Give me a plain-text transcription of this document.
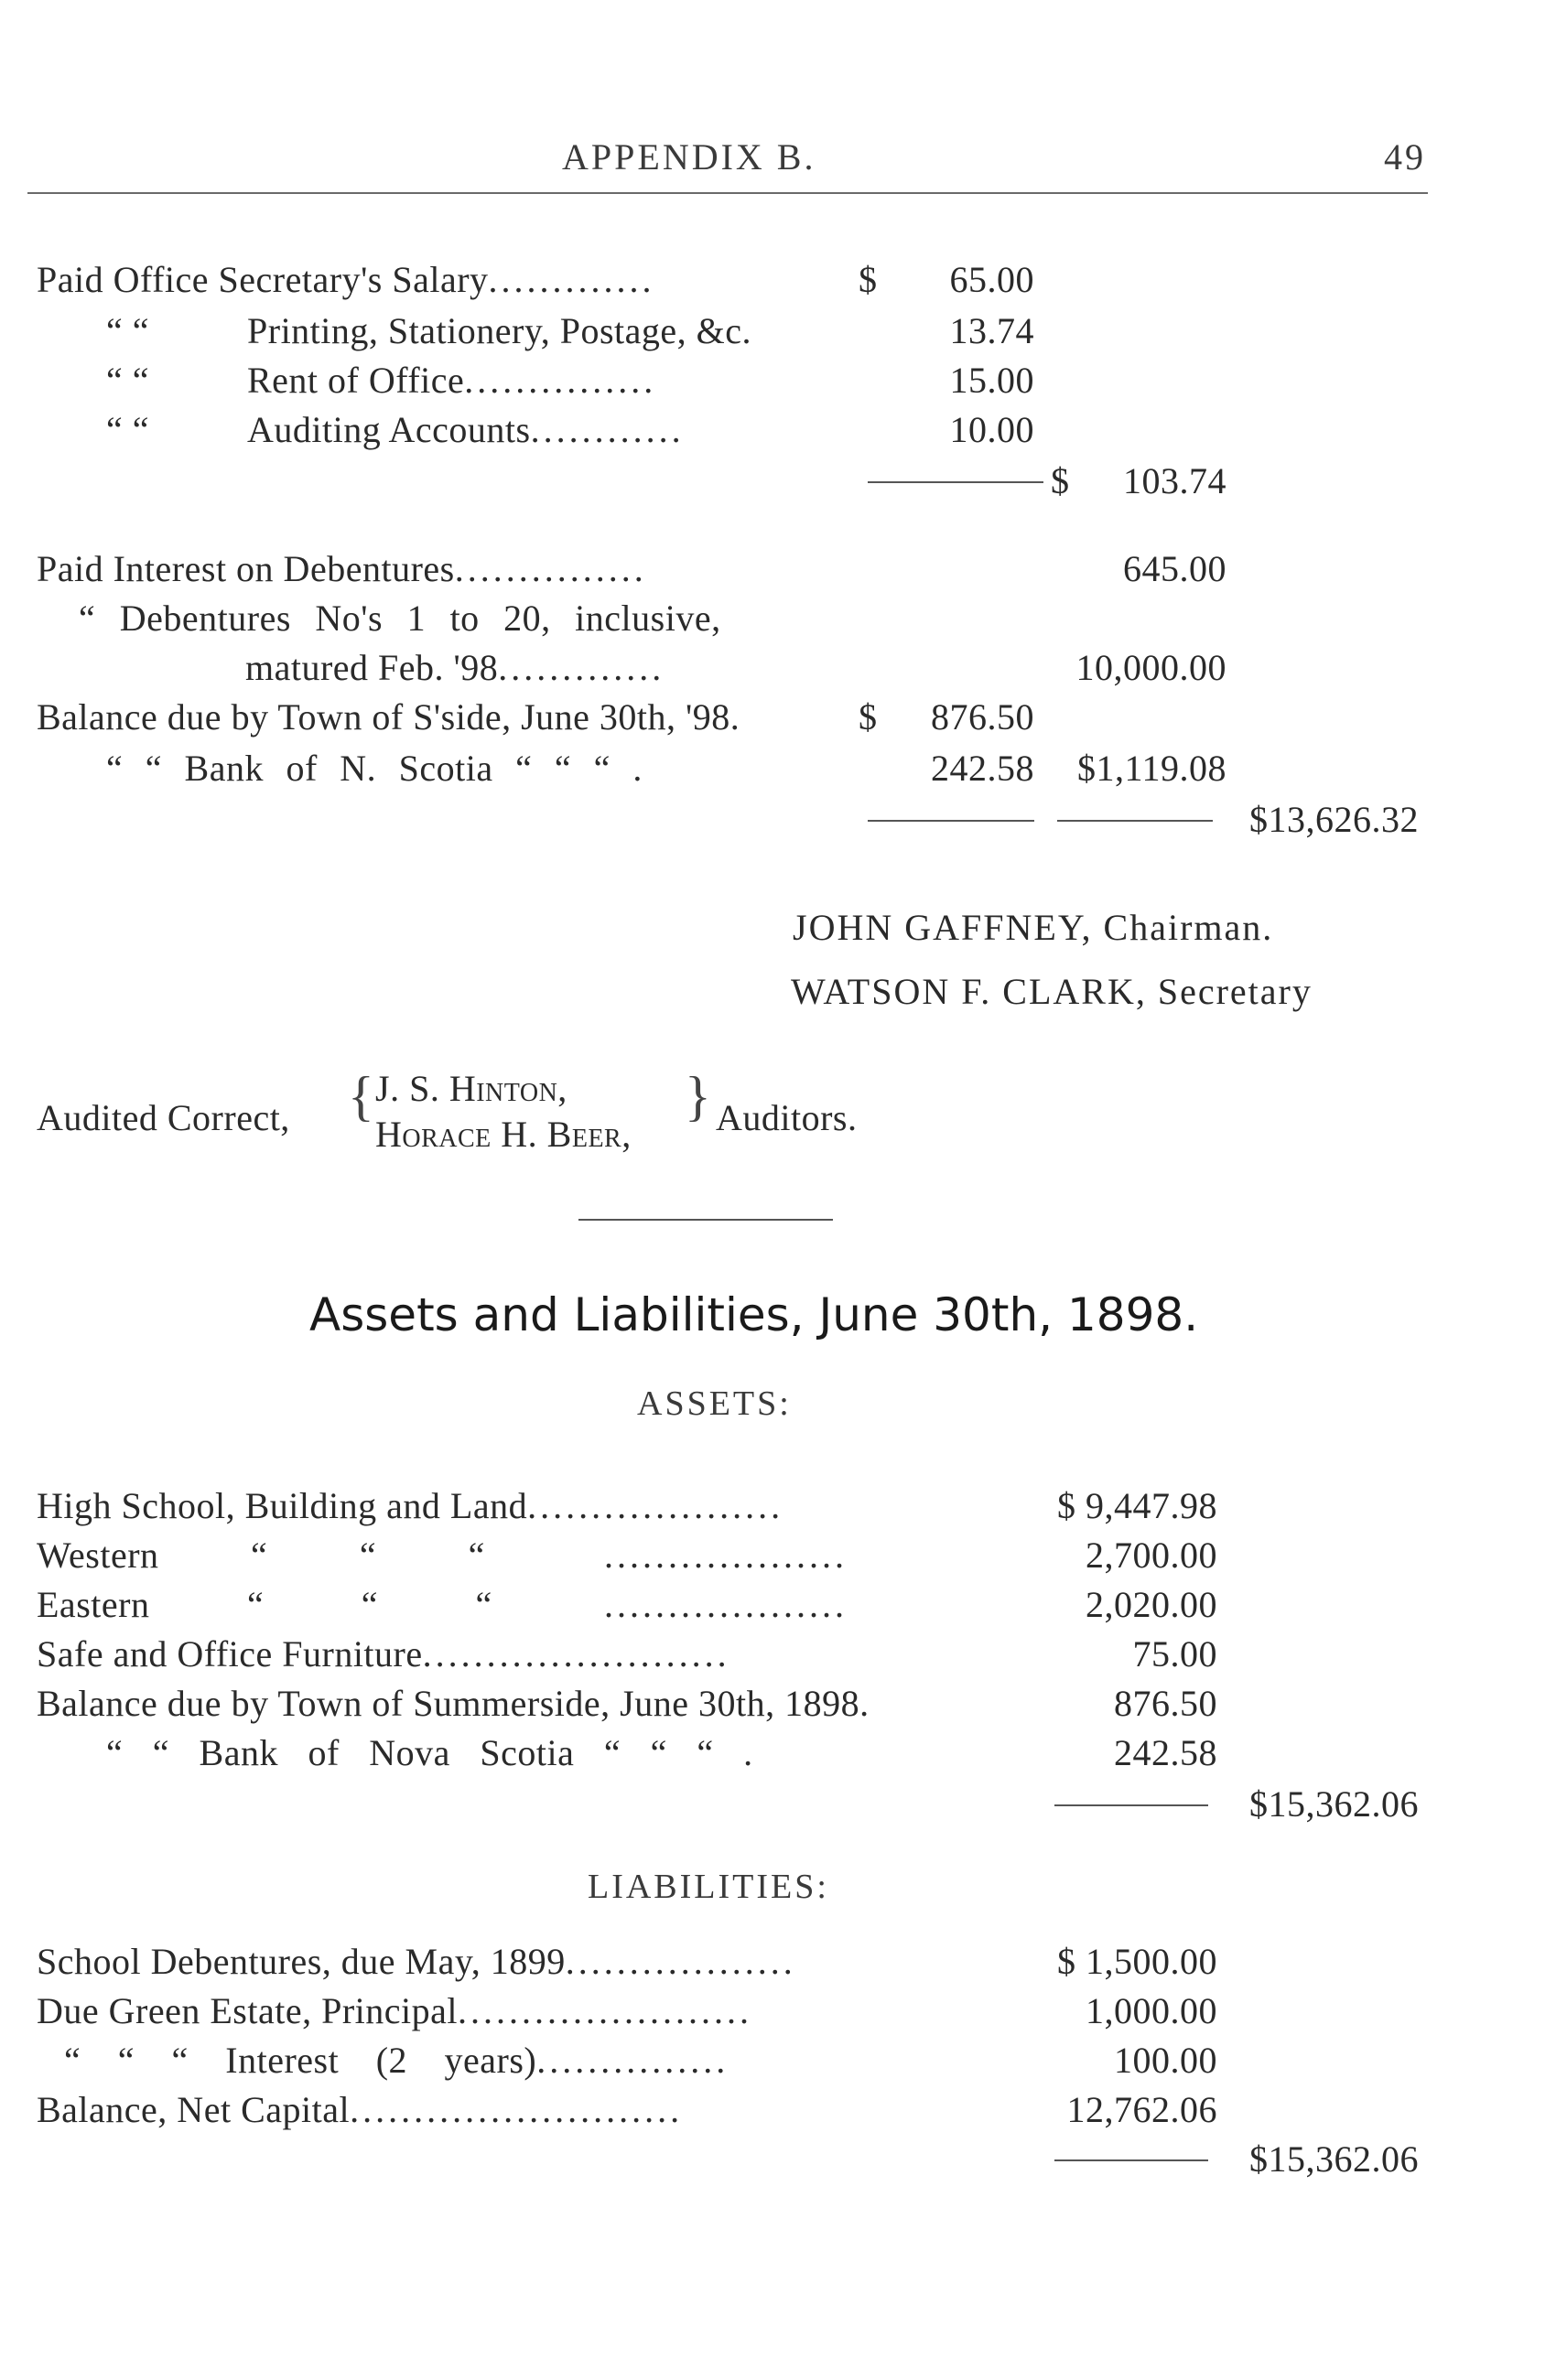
APPENDIX B.	49
Paid Office Secretary's Salary.............	$	65.00
“ “	Printing, Stationery, Postage, &c.	13.74
“ “	Rent of Office...............	15.00
“ “	Auditing Accounts............	10.00
$	103.74
Paid Interest on Debentures...............	645.00
“ Debentures No's 1 to 20, inclusive,
matured Feb. '98.............	10,000.00
Balance due by Town of S'side, June 30th, '98.	$	876.50
“ “ Bank of N. Scotia “ “ “ .	242.58	$1,119.08
$13,626.32
JOHN GAFFNEY, Chairman.
WATSON F. CLARK, Secretary
Audited Correct, { J. S. Hinton,
Horace H. Beer,
} Auditors.
Assets and Liabilities, June 30th, 1898.
ASSETS:
High School, Building and Land....................	$ 9,447.98
Western “ “ “	...................	2,700.00
Eastern “ “ “	...................	2,020.00
Safe and Office Furniture........................	75.00
Balance due by Town of Summerside, June 30th, 1898.	876.50
“ “ Bank of Nova Scotia “ “ “ .	242.58
$15,362.06
LIABILITIES:
School Debentures, due May, 1899..................	$ 1,500.00
Due Green Estate, Principal.......................	1,000.00
“ “ “ Interest (2 years)...............	100.00
Balance, Net Capital..........................	12,762.06
$15,362.06
